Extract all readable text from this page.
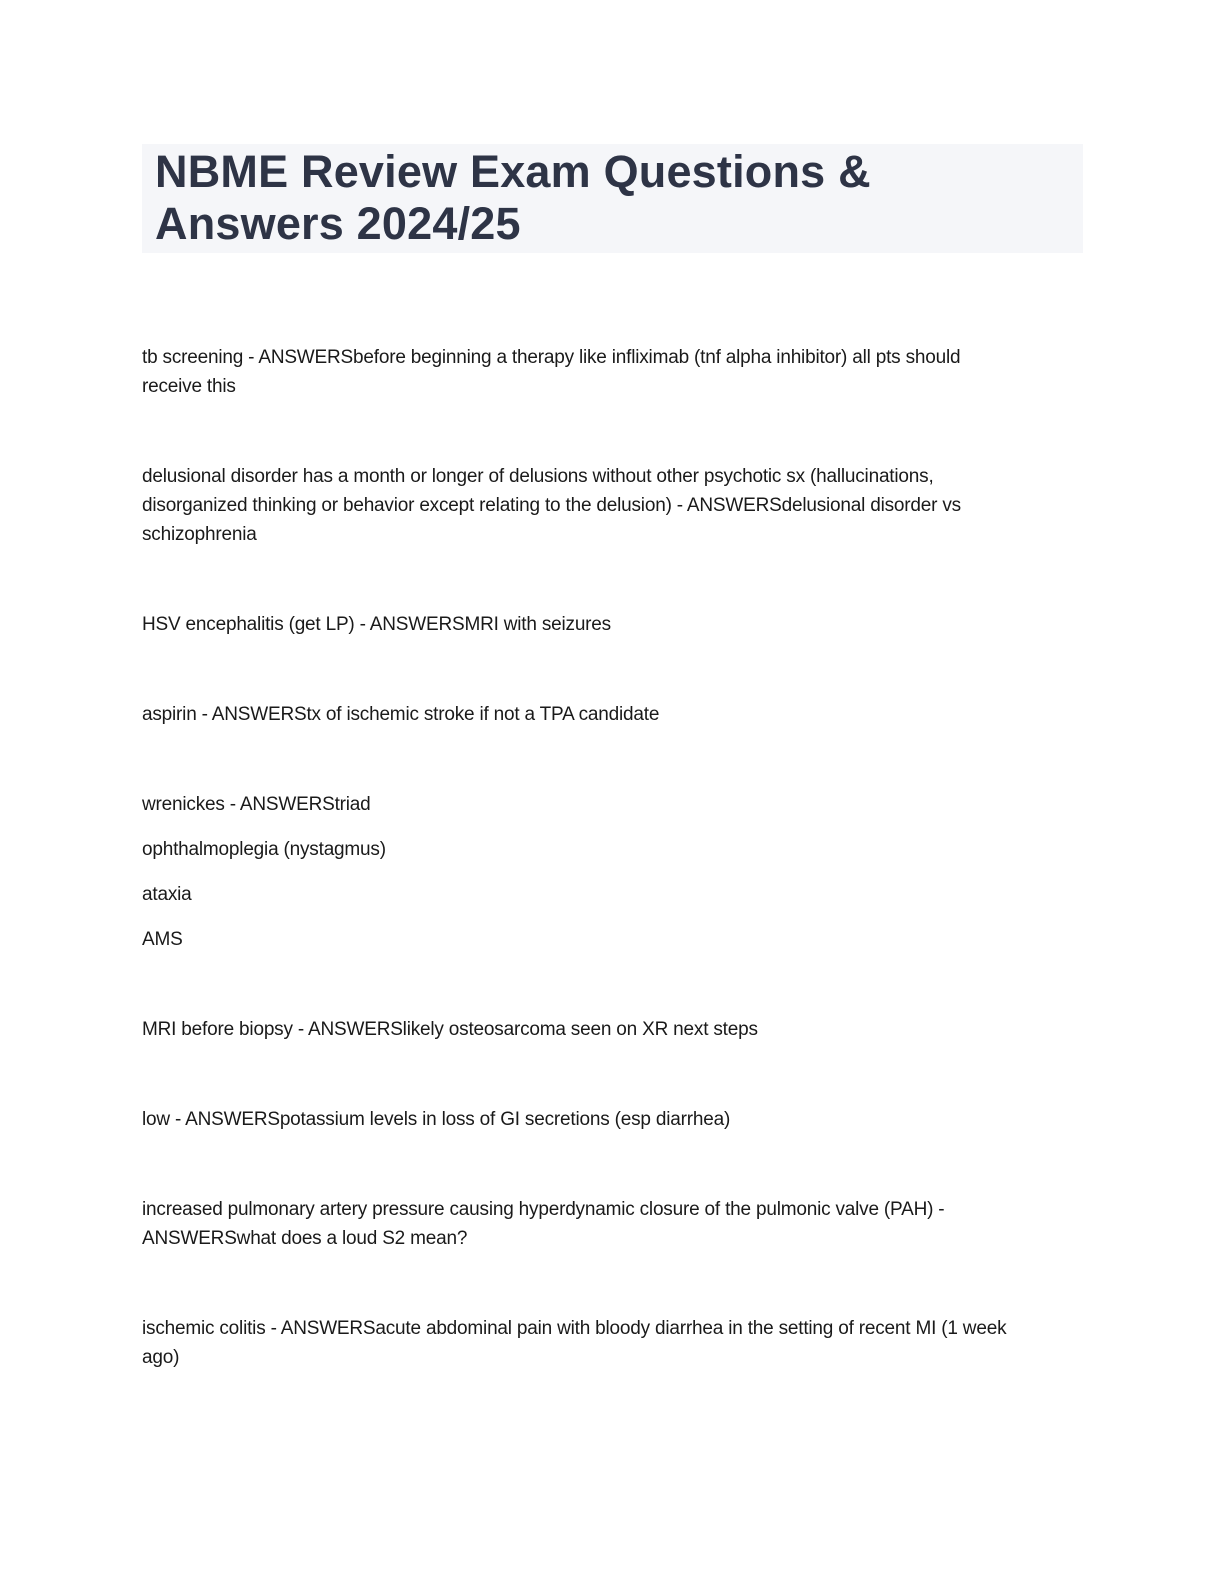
NBME Review Exam Questions &
Answers 2024/25
tb screening - ANSWERSbefore beginning a therapy like infliximab (tnf alpha inhibitor) all pts should
receive this
delusional disorder has a month or longer of delusions without other psychotic sx (hallucinations,
disorganized thinking or behavior except relating to the delusion) - ANSWERSdelusional disorder vs
schizophrenia
HSV encephalitis (get LP) - ANSWERSMRI with seizures
aspirin - ANSWERStx of ischemic stroke if not a TPA candidate
wrenickes - ANSWERStriad
ophthalmoplegia (nystagmus)
ataxia
AMS
MRI before biopsy - ANSWERSlikely osteosarcoma seen on XR next steps
low - ANSWERSpotassium levels in loss of GI secretions (esp diarrhea)
increased pulmonary artery pressure causing hyperdynamic closure of the pulmonic valve (PAH) -
ANSWERSwhat does a loud S2 mean?
ischemic colitis - ANSWERSacute abdominal pain with bloody diarrhea in the setting of recent MI (1 week
ago)
